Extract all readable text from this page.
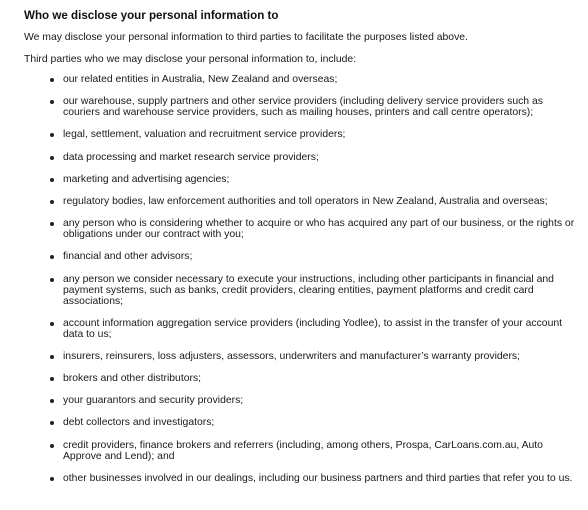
Who we disclose your personal information to

We may disclose your personal information to third parties to facilitate the purposes listed above.

Third parties who we may disclose your personal information to, include:

our related entities in Australia, New Zealand and overseas;
our warehouse, supply partners and other service providers (including delivery service providers such as couriers and warehouse service providers, such as mailing houses, printers and call centre operators);
legal, settlement, valuation and recruitment service providers;
data processing and market research service providers;
marketing and advertising agencies;
regulatory bodies, law enforcement authorities and toll operators in New Zealand, Australia and overseas;
any person who is considering whether to acquire or who has acquired any part of our business, or the rights or obligations under our contract with you;
financial and other advisors;
any person we consider necessary to execute your instructions, including other participants in financial and payment systems, such as banks, credit providers, clearing entities, payment platforms and credit card associations;
account information aggregation service providers (including Yodlee), to assist in the transfer of your account data to us;
insurers, reinsurers, loss adjusters, assessors, underwriters and manufacturer’s warranty providers;
brokers and other distributors;
your guarantors and security providers;
debt collectors and investigators;
credit providers, finance brokers and referrers (including, among others, Prospa, CarLoans.com.au, Auto Approve and Lend); and
other businesses involved in our dealings, including our business partners and third parties that refer you to us.
